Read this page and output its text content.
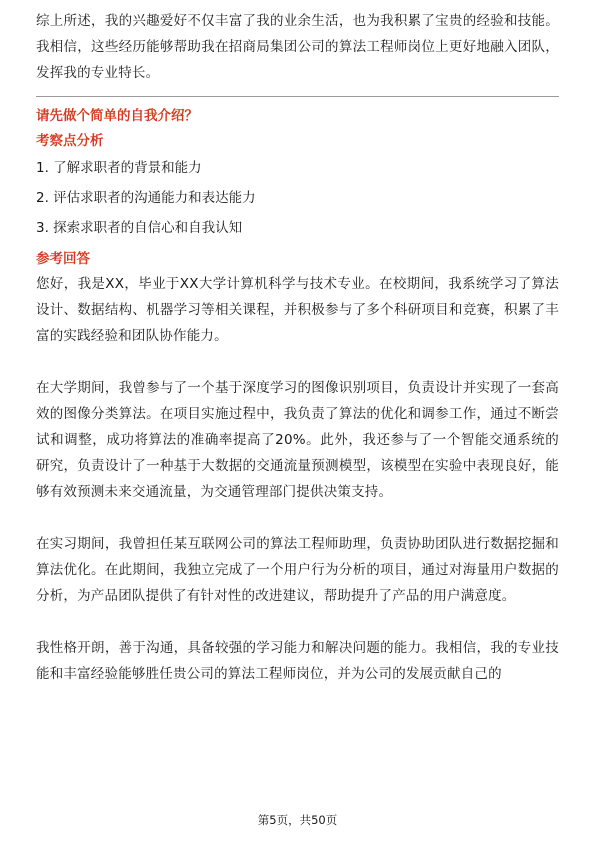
综上所述，我的兴趣爱好不仅丰富了我的业余生活，也为我积累了宝贵的经验和技能。我相信，这些经历能够帮助我在招商局集团公司的算法工程师岗位上更好地融入团队，发挥我的专业特长。

请先做个简单的自我介绍？

考察点分析

1. 了解求职者的背景和能力
2. 评估求职者的沟通能力和表达能力
3. 探索求职者的自信心和自我认知

参考回答

您好，我是XX，毕业于XX大学计算机科学与技术专业。在校期间，我系统学习了算法设计、数据结构、机器学习等相关课程，并积极参与了多个科研项目和竞赛，积累了丰富的实践经验和团队协作能力。

在大学期间，我曾参与了一个基于深度学习的图像识别项目，负责设计并实现了一套高效的图像分类算法。在项目实施过程中，我负责了算法的优化和调参工作，通过不断尝试和调整，成功将算法的准确率提高了20%。此外，我还参与了一个智能交通系统的研究，负责设计了一种基于大数据的交通流量预测模型，该模型在实验中表现良好，能够有效预测未来交通流量，为交通管理部门提供决策支持。

在实习期间，我曾担任某互联网公司的算法工程师助理，负责协助团队进行数据挖掘和算法优化。在此期间，我独立完成了一个用户行为分析的项目，通过对海量用户数据的分析，为产品团队提供了有针对性的改进建议，帮助提升了产品的用户满意度。

我性格开朗，善于沟通，具备较强的学习能力和解决问题的能力。我相信，我的专业技能和丰富经验能够胜任贵公司的算法工程师岗位，并为公司的发展贡献自己的

第5页，共50页
